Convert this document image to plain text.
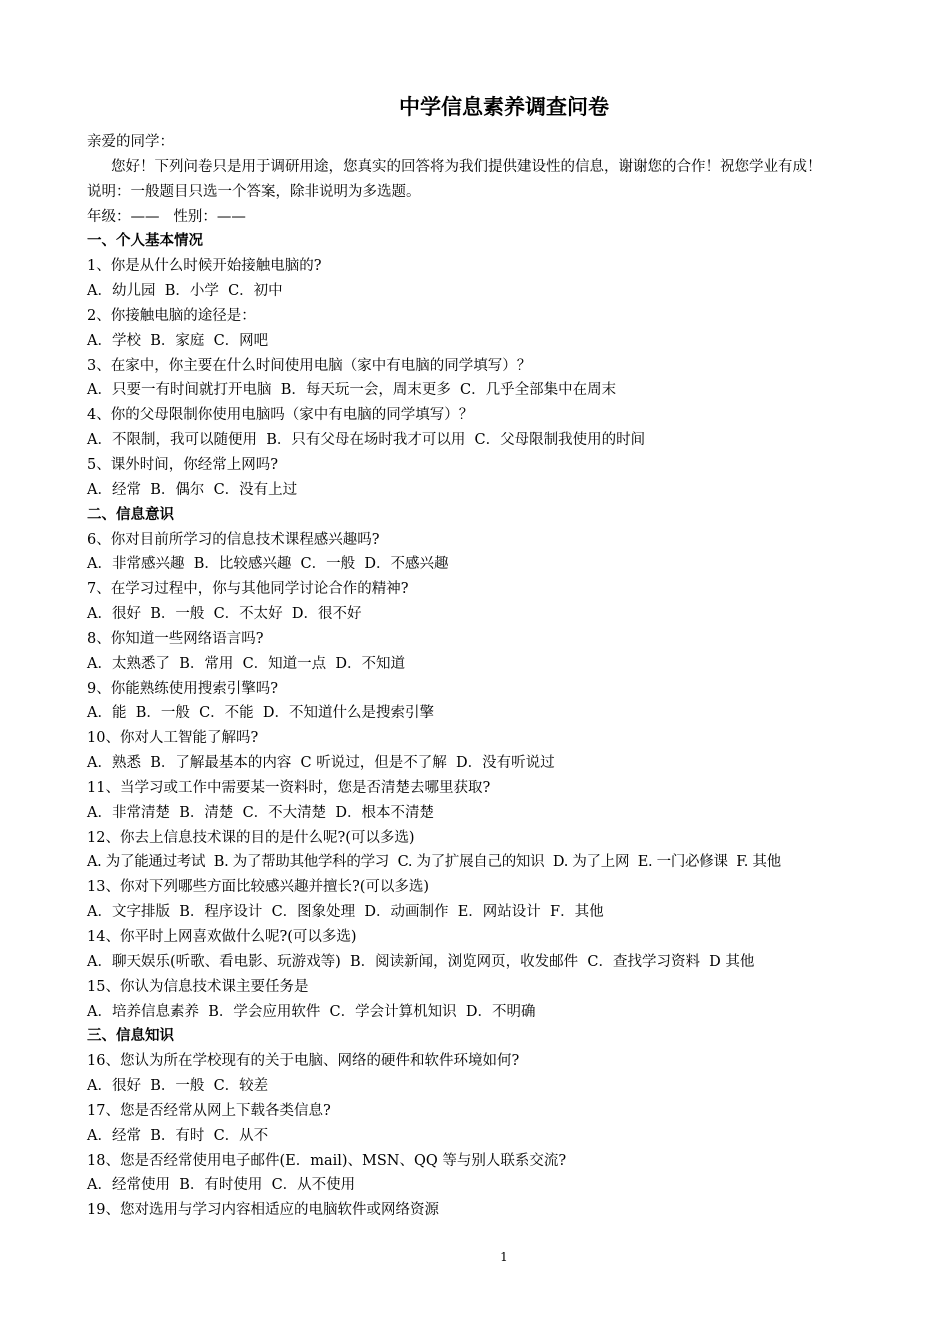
中学信息素养调查问卷
亲爱的同学：
您好！下列问卷只是用于调研用途，您真实的回答将为我们提供建设性的信息，谢谢您的合作！祝您学业有成！
说明：一般题目只选一个答案，除非说明为多选题。
年级：——   性别：——
一、个人基本情况
1、你是从什么时候开始接触电脑的?
A．幼儿园  B．小学  C．初中
2、你接触电脑的途径是：
A．学校  B．家庭  C．网吧
3、在家中，你主要在什么时间使用电脑（家中有电脑的同学填写）？
A．只要一有时间就打开电脑  B．每天玩一会，周末更多  C．几乎全部集中在周末
4、你的父母限制你使用电脑吗（家中有电脑的同学填写）？
A．不限制，我可以随便用  B．只有父母在场时我才可以用  C．父母限制我使用的时间
5、课外时间，你经常上网吗?
A．经常  B．偶尔  C．没有上过
二、信息意识
6、你对目前所学习的信息技术课程感兴趣吗?
A．非常感兴趣  B．比较感兴趣  C．一般  D．不感兴趣
7、在学习过程中，你与其他同学讨论合作的精神?
A．很好  B．一般  C．不太好  D．很不好
8、你知道一些网络语言吗?
A．太熟悉了  B．常用  C．知道一点  D．不知道
9、你能熟练使用搜索引擎吗?
A．能  B．一般  C．不能  D．不知道什么是搜索引擎
10、你对人工智能了解吗?
A．熟悉  B．了解最基本的内容  C 听说过，但是不了解  D．没有听说过
11、当学习或工作中需要某一资料时，您是否清楚去哪里获取?
A．非常清楚  B．清楚  C．不大清楚  D．根本不清楚
12、你去上信息技术课的目的是什么呢?(可以多选)
A. 为了能通过考试  B. 为了帮助其他学科的学习  C. 为了扩展自己的知识  D. 为了上网  E. 一门必修课  F. 其他
13、你对下列哪些方面比较感兴趣并擅长?(可以多选)
A．文字排版  B．程序设计  C．图象处理  D．动画制作  E．网站设计  F．其他
14、你平时上网喜欢做什么呢?(可以多选)
A．聊天娱乐(听歌、看电影、玩游戏等)  B．阅读新闻，浏览网页，收发邮件  C．查找学习资料  D 其他
15、你认为信息技术课主要任务是
A．培养信息素养  B．学会应用软件  C．学会计算机知识  D．不明确
三、信息知识
16、您认为所在学校现有的关于电脑、网络的硬件和软件环境如何?
A．很好  B．一般  C．较差
17、您是否经常从网上下载各类信息?
A．经常  B．有时  C．从不
18、您是否经常使用电子邮件(E．mail)、MSN、QQ 等与别人联系交流?
A．经常使用  B．有时使用  C．从不使用
19、您对选用与学习内容相适应的电脑软件或网络资源
1
